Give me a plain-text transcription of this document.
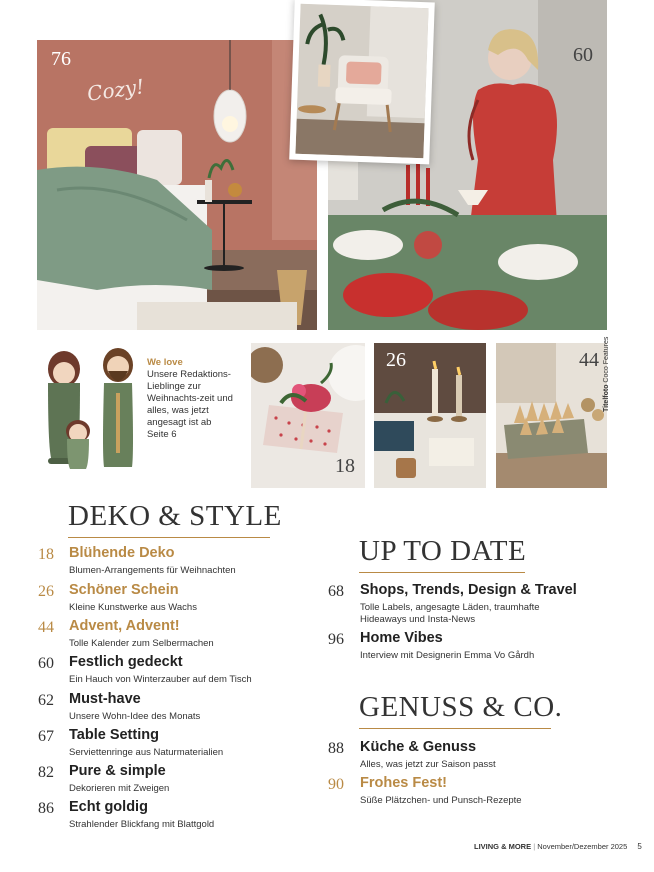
76
Cozy!
60
We love
Unsere Redaktions-Lieblinge zur Weihnachts-zeit und alles, was jetzt angesagt ist ab Seite 6
18
26	44
Titelfoto Coco Features
DEKO & STYLE
18 Blühende Deko
Blumen-Arrangements für Weihnachten
26 Schöner Schein
Kleine Kunstwerke aus Wachs
44 Advent, Advent!
Tolle Kalender zum Selbermachen
60 Festlich gedeckt
Ein Hauch von Winterzauber auf dem Tisch
62 Must-have
Unsere Wohn-Idee des Monats
67 Table Setting
Serviettenringe aus Naturmaterialien
82 Pure & simple
Dekorieren mit Zweigen
86 Echt goldig
Strahlender Blickfang mit Blattgold
UP TO DATE
68 Shops, Trends, Design & Travel
Tolle Labels, angesagte Läden, traumhafte
Hideaways und Insta-News
96 Home Vibes
Interview mit Designerin Emma Vo Gårdh
GENUSS & CO.
88 Küche & Genuss
Alles, was jetzt zur Saison passt
90 Frohes Fest!
Süße Plätzchen- und Punsch-Rezepte
LIVING & MORE | November/Dezember 2025 5
